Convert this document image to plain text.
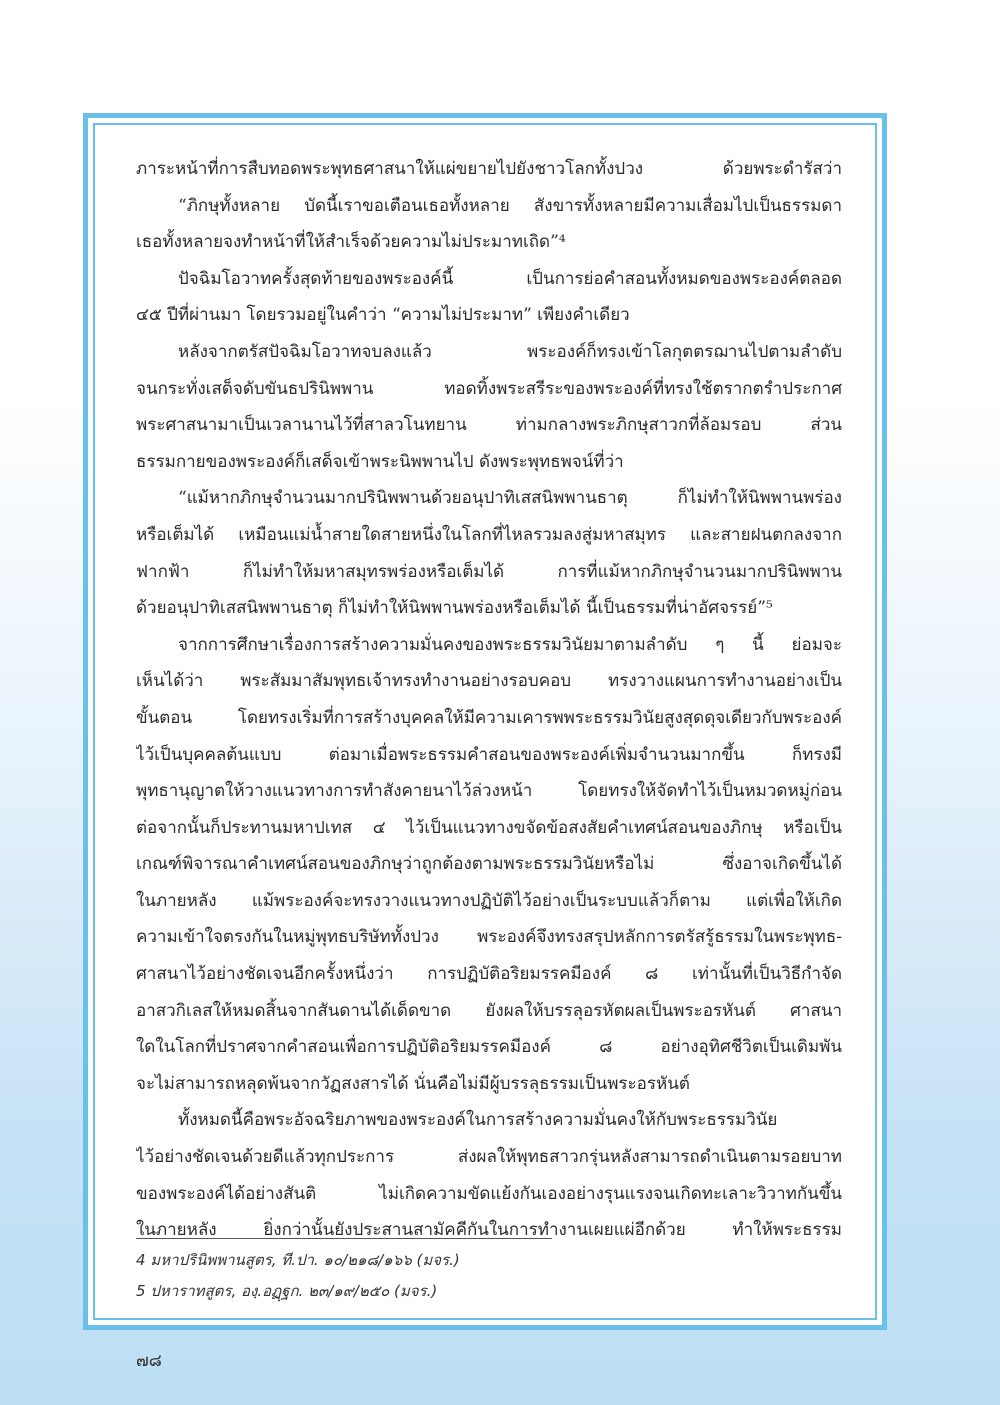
ภาระหน้าที่การสืบทอดพระพุทธศาสนาให้แผ่ขยายไปยังชาวโลกทั้งปวง ด้วยพระดำรัสว่า
“ภิกษุทั้งหลาย บัดนี้เราขอเตือนเธอทั้งหลาย สังขารทั้งหลายมีความเสื่อมไปเป็นธรรมดา
เธอทั้งหลายจงทำหน้าที่ให้สำเร็จด้วยความไม่ประมาทเถิด”⁴
ปัจฉิมโอวาทครั้งสุดท้ายของพระองค์นี้ เป็นการย่อคำสอนทั้งหมดของพระองค์ตลอด
๔๕ ปีที่ผ่านมา โดยรวมอยู่ในคำว่า “ความไม่ประมาท” เพียงคำเดียว
หลังจากตรัสปัจฉิมโอวาทจบลงแล้ว พระองค์ก็ทรงเข้าโลกุตตรฌานไปตามลำดับ
จนกระทั่งเสด็จดับขันธปรินิพพาน ทอดทิ้งพระสรีระของพระองค์ที่ทรงใช้ตรากตรำประกาศ
พระศาสนามาเป็นเวลานานไว้ที่สาลวโนทยาน ท่ามกลางพระภิกษุสาวกที่ล้อมรอบ ส่วน
ธรรมกายของพระองค์ก็เสด็จเข้าพระนิพพานไป ดังพระพุทธพจน์ที่ว่า
“แม้หากภิกษุจำนวนมากปรินิพพานด้วยอนุปาทิเสสนิพพานธาตุ ก็ไม่ทำให้นิพพานพร่อง
หรือเต็มได้ เหมือนแม่น้ำสายใดสายหนึ่งในโลกที่ไหลรวมลงสู่มหาสมุทร และสายฝนตกลงจาก
ฟากฟ้า ก็ไม่ทำให้มหาสมุทรพร่องหรือเต็มได้ การที่แม้หากภิกษุจำนวนมากปรินิพพาน
ด้วยอนุปาทิเสสนิพพานธาตุ ก็ไม่ทำให้นิพพานพร่องหรือเต็มได้ นี้เป็นธรรมที่น่าอัศจรรย์”⁵
จากการศึกษาเรื่องการสร้างความมั่นคงของพระธรรมวินัยมาตามลำดับ ๆ นี้ ย่อมจะ
เห็นได้ว่า พระสัมมาสัมพุทธเจ้าทรงทำงานอย่างรอบคอบ ทรงวางแผนการทำงานอย่างเป็น
ขั้นตอน โดยทรงเริ่มที่การสร้างบุคคลให้มีความเคารพพระธรรมวินัยสูงสุดดุจเดียวกับพระองค์
ไว้เป็นบุคคลต้นแบบ ต่อมาเมื่อพระธรรมคำสอนของพระองค์เพิ่มจำนวนมากขึ้น ก็ทรงมี
พุทธานุญาตให้วางแนวทางการทำสังคายนาไว้ล่วงหน้า โดยทรงให้จัดทำไว้เป็นหมวดหมู่ก่อน
ต่อจากนั้นก็ประทานมหาปเทส ๔ ไว้เป็นแนวทางขจัดข้อสงสัยคำเทศน์สอนของภิกษุ หรือเป็น
เกณฑ์พิจารณาคำเทศน์สอนของภิกษุว่าถูกต้องตามพระธรรมวินัยหรือไม่ ซึ่งอาจเกิดขึ้นได้
ในภายหลัง แม้พระองค์จะทรงวางแนวทางปฏิบัติไว้อย่างเป็นระบบแล้วก็ตาม แต่เพื่อให้เกิด
ความเข้าใจตรงกันในหมู่พุทธบริษัททั้งปวง พระองค์จึงทรงสรุปหลักการตรัสรู้ธรรมในพระพุทธ-
ศาสนาไว้อย่างชัดเจนอีกครั้งหนึ่งว่า การปฏิบัติอริยมรรคมีองค์ ๘ เท่านั้นที่เป็นวิธีกำจัด
อาสวกิเลสให้หมดสิ้นจากสันดานได้เด็ดขาด ยังผลให้บรรลุอรหัตผลเป็นพระอรหันต์ ศาสนา
ใดในโลกที่ปราศจากคำสอนเพื่อการปฏิบัติอริยมรรคมีองค์ ๘ อย่างอุทิศชีวิตเป็นเดิมพัน
จะไม่สามารถหลุดพ้นจากวัฏสงสารได้ นั่นคือไม่มีผู้บรรลุธรรมเป็นพระอรหันต์
ทั้งหมดนี้คือพระอัจฉริยภาพของพระองค์ในการสร้างความมั่นคงให้กับพระธรรมวินัย
ไว้อย่างชัดเจนด้วยดีแล้วทุกประการ ส่งผลให้พุทธสาวกรุ่นหลังสามารถดำเนินตามรอยบาท
ของพระองค์ได้อย่างสันติ ไม่เกิดความขัดแย้งกันเองอย่างรุนแรงจนเกิดทะเลาะวิวาทกันขึ้น
ในภายหลัง ยิ่งกว่านั้นยังประสานสามัคคีกันในการทำงานเผยแผ่อีกด้วย ทำให้พระธรรม
4 มหาปรินิพพานสูตร, ที.ปา. ๑๐/๒๑๘/๑๖๖ (มจร.)
5 ปหาราทสูตร, องฺ.อฏฺฐก. ๒๓/๑๙/๒๕๐ (มจร.)
๗๘
